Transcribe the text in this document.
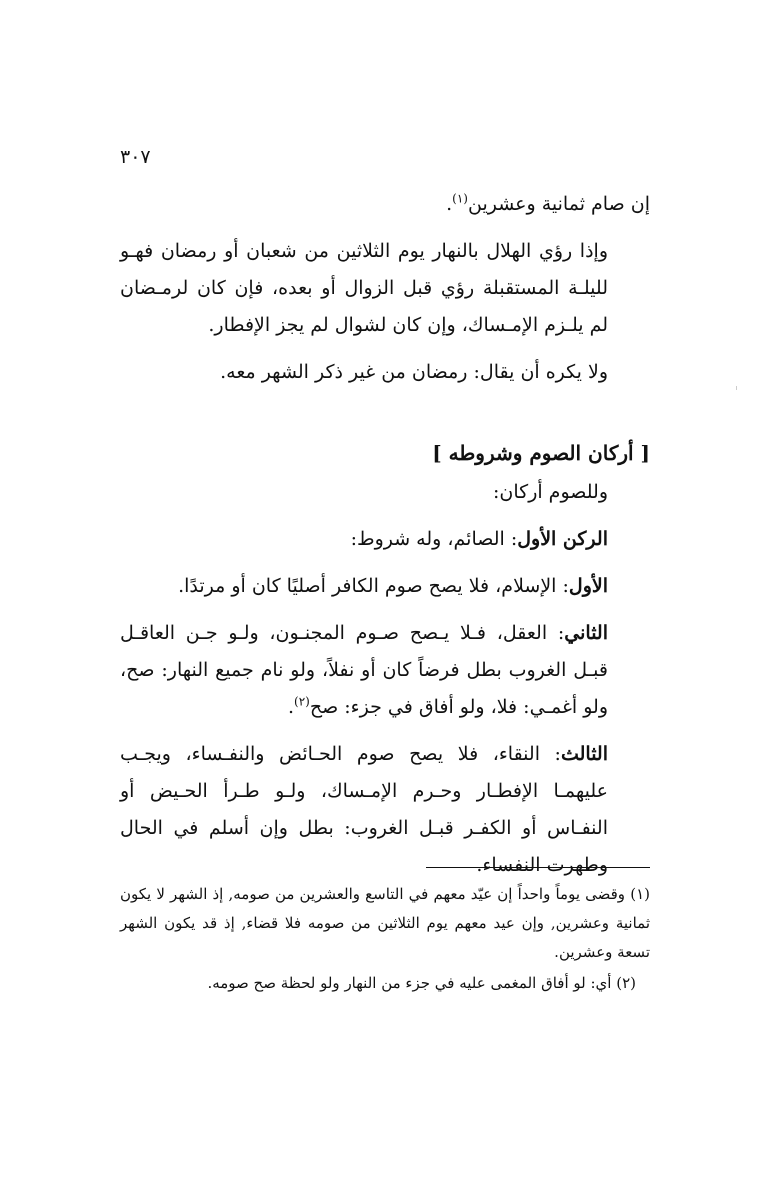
٣٠٧

إن صام ثمانية وعشرين$^{(١)}$.

وإذا رؤي الهلال بالنهار يوم الثلاثين من شعبان أو رمضان فهـو لليلـة المستقبلة رؤي قبل الزوال أو بعده، فإن كان لرمـضان لم يلـزم الإمـساك، وإن كان لشوال لم يجز الإفطار.

ولا يكره أن يقال: رمضان من غير ذكر الشهر معه.

[ أركان الصوم وشروطه ]

وللصوم أركان:

الركن الأول: الصائم، وله شروط:

الأول: الإسلام، فلا يصح صوم الكافر أصليًا كان أو مرتدًا.

الثاني: العقل، فـلا يـصح صـوم المجنـون، ولـو جـن العاقـل قبـل الغروب بطل فرضاً كان أو نفلاً، ولو نام جميع النهار: صح، ولو أغمـي: فلا، ولو أفاق في جزء: صح$^{(٢)}$.

الثالث: النقاء، فلا يصح صوم الحـائض والنفـساء، ويجـب عليهمـا الإفطـار وحـرم الإمـساك، ولـو طـرأ الحـيض أو النفـاس أو الكفـر قبـل الغروب: بطل وإن أسلم في الحال وطهرت النفساء.

(١) وقضى يوماً واحداً إن عيّد معهم في التاسع والعشرين من صومه, إذ الشهر لا يكون ثمانية وعشرين, وإن عيد معهم يوم الثلاثين من صومه فلا قضاء, إذ قد يكون الشهر تسعة وعشرين.

(٢) أي: لو أفاق المغمى عليه في جزء من النهار ولو لحظة صح صومه.
